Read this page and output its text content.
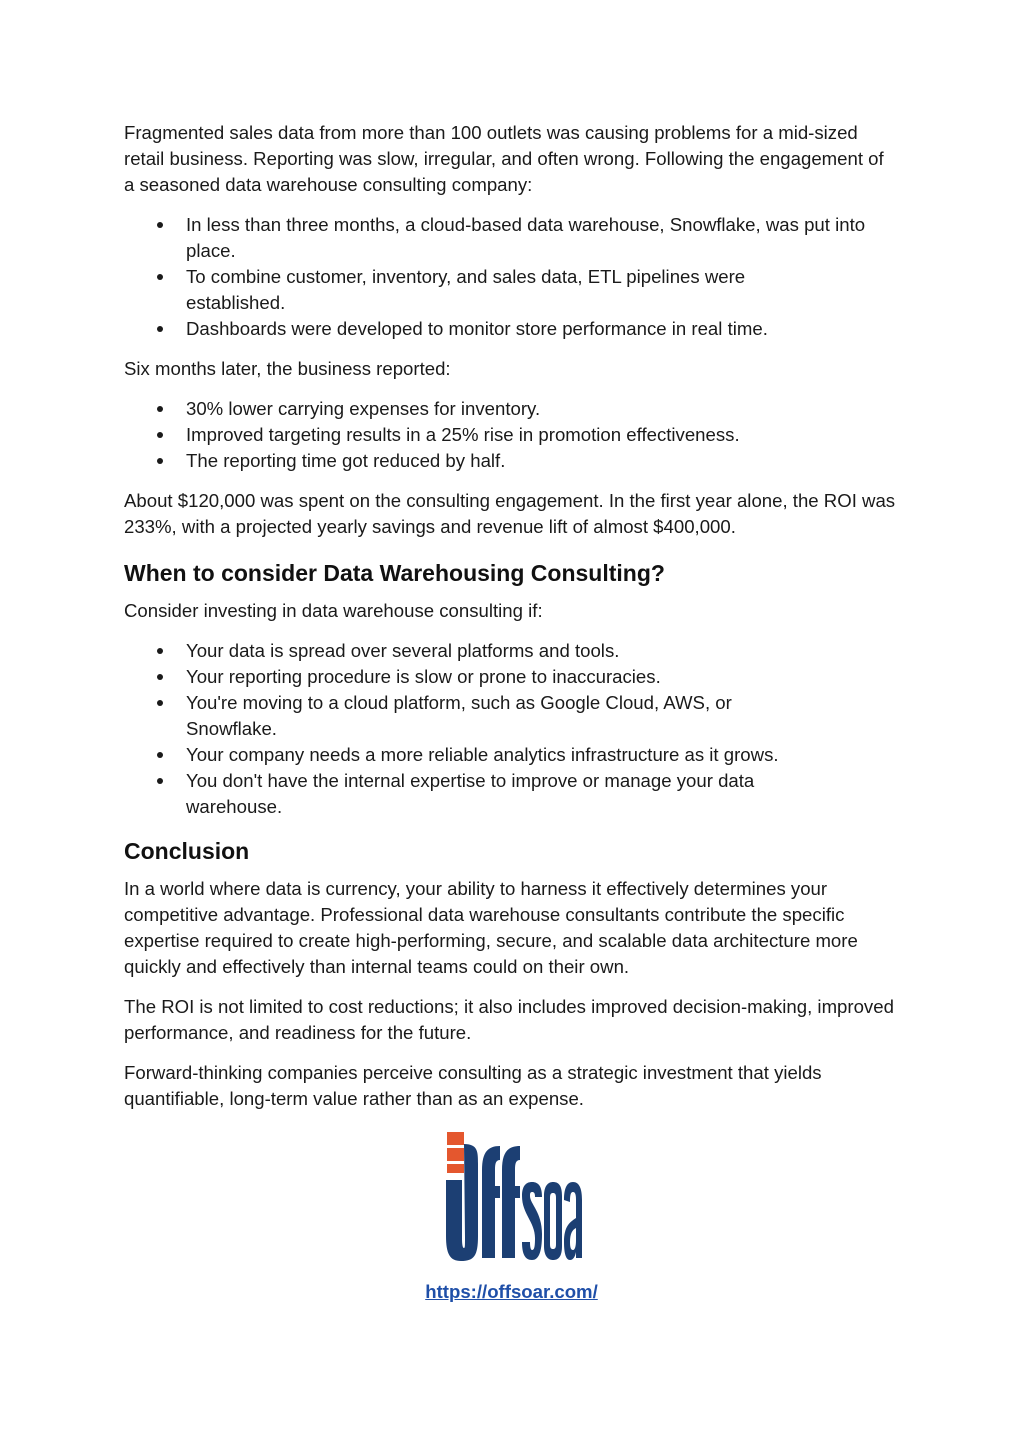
Fragmented sales data from more than 100 outlets was causing problems for a mid-sized retail business. Reporting was slow, irregular, and often wrong. Following the engagement of a seasoned data warehouse consulting company:

In less than three months, a cloud-based data warehouse, Snowflake, was put into place.
To combine customer, inventory, and sales data, ETL pipelines were established.
Dashboards were developed to monitor store performance in real time.

Six months later, the business reported:

30% lower carrying expenses for inventory.
Improved targeting results in a 25% rise in promotion effectiveness.
The reporting time got reduced by half.

About $120,000 was spent on the consulting engagement. In the first year alone, the ROI was 233%, with a projected yearly savings and revenue lift of almost $400,000.

When to consider Data Warehousing Consulting?

Consider investing in data warehouse consulting if:

Your data is spread over several platforms and tools.
Your reporting procedure is slow or prone to inaccuracies.
You're moving to a cloud platform, such as Google Cloud, AWS, or Snowflake.
Your company needs a more reliable analytics infrastructure as it grows.
You don't have the internal expertise to improve or manage your data warehouse.
Conclusion

In a world where data is currency, your ability to harness it effectively determines your competitive advantage. Professional data warehouse consultants contribute the specific expertise required to create high-performing, secure, and scalable data architecture more quickly and effectively than internal teams could on their own.

The ROI is not limited to cost reductions; it also includes improved decision-making, improved performance, and readiness for the future.

Forward-thinking companies perceive consulting as a strategic investment that yields quantifiable, long-term value rather than as an expense.

https://offsoar.com/
